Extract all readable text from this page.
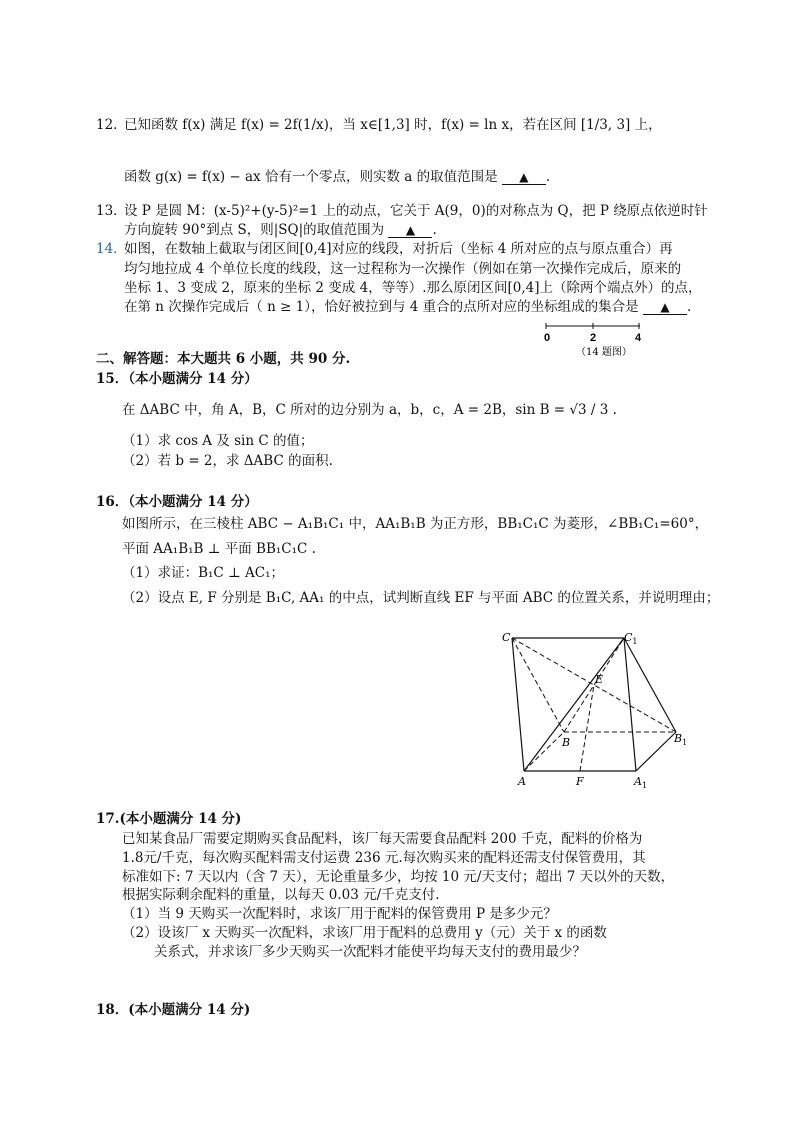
12．
已知函数 f(x) 满足 f(x) = 2f(1/x)，当 x∈[1,3] 时，f(x) = ln x，若在区间 [1/3, 3] 上，
函数 g(x) = f(x) − ax 恰有一个零点，则实数 a 的取值范围是 ▲ .
13．
设 P 是圆 M：(x-5)²+(y-5)²=1 上的动点，它关于 A(9，0)的对称点为 Q，把 P 绕原点依逆时针
方向旋转 90°到点 S，则|SQ|的取值范围为 ▲ .
14．
如图，在数轴上截取与闭区间[0,4]对应的线段，对折后（坐标 4 所对应的点与原点重合）再
均匀地拉成 4 个单位长度的线段，这一过程称为一次操作（例如在第一次操作完成后，原来的
坐标 1、3 变成 2，原来的坐标 2 变成 4，等等）.那么原闭区间[0,4]上（除两个端点外）的点，
在第 n 次操作完成后（ n ≥ 1），恰好被拉到与 4 重合的点所对应的坐标组成的集合是 ▲ .
0	2	4
（14 题图）
二、解答题：本大题共 6 小题，共 90 分.
15．（本小题满分 14 分）
在 ΔABC 中，角 A，B，C 所对的边分别为 a，b，c，A = 2B，sin B = √3 / 3 .
（1）求 cos A 及 sin C 的值；
（2）若 b = 2，求 ΔABC 的面积.
16．（本小题满分 14 分）
如图所示，在三棱柱 ABC − A₁B₁C₁ 中，AA₁B₁B 为正方形，BB₁C₁C 为菱形，∠BB₁C₁=60°，
平面 AA₁B₁B ⊥ 平面 BB₁C₁C .
（1）求证：B₁C ⊥ AC₁；
（2）设点 E, F 分别是 B₁C, AA₁ 的中点，试判断直线 EF 与平面 ABC 的位置关系，并说明理由；
C	$C_1$
E
B	$B_1$
A	F	$A_1$
17.(本小题满分 14 分)
已知某食品厂需要定期购买食品配料，该厂每天需要食品配料 200 千克，配料的价格为
1.8元/千克，每次购买配料需支付运费 236 元.每次购买来的配料还需支付保管费用，其
标准如下: 7 天以内（含 7 天），无论重量多少，均按 10 元/天支付；超出 7 天以外的天数，
根据实际剩余配料的重量，以每天 0.03 元/千克支付.
（1）当 9 天购买一次配料时，求该厂用于配料的保管费用 P 是多少元？
（2）设该厂 x 天购买一次配料，求该厂用于配料的总费用 y（元）关于 x 的函数
关系式，并求该厂多少天购买一次配料才能使平均每天支付的费用最少？
18．(本小题满分 14 分)
